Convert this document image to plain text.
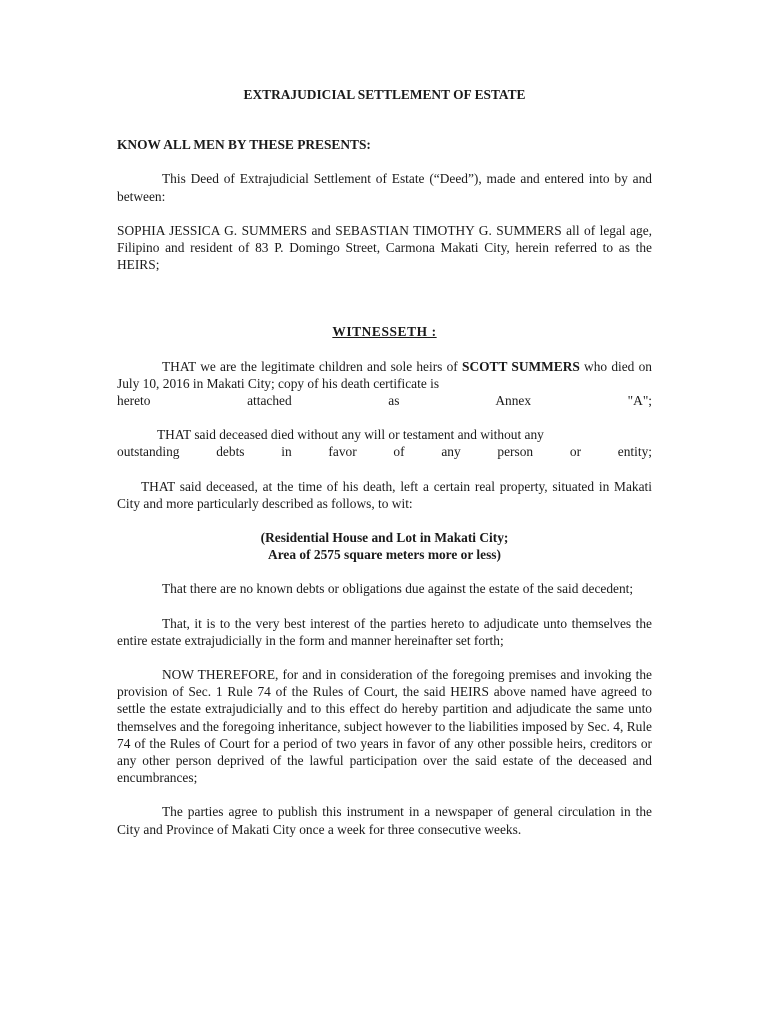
EXTRAJUDICIAL SETTLEMENT OF ESTATE
KNOW ALL MEN BY THESE PRESENTS:

This Deed of Extrajudicial Settlement of Estate (“Deed”), made and entered into by and between:

SOPHIA JESSICA G. SUMMERS and SEBASTIAN TIMOTHY G. SUMMERS all of legal age, Filipino and resident of 83 P. Domingo Street, Carmona Makati City, herein referred to as the HEIRS;

WITNESSETH :

THAT we are the legitimate children and sole heirs of SCOTT SUMMERS who died on July 10, 2016 in Makati City; copy of his death certificate is

hereto attached as Annex "A";

THAT said deceased died without any will or testament and without any

outstanding debts in favor of any person or entity;

THAT said deceased, at the time of his death, left a certain real property, situated in Makati City and more particularly described as follows, to wit:

(Residential House and Lot in Makati City;
Area of 2575 square meters more or less)

That there are no known debts or obligations due against the estate of the said decedent;

That, it is to the very best interest of the parties hereto to adjudicate unto themselves the entire estate extrajudicially in the form and manner hereinafter set forth;

NOW THEREFORE, for and in consideration of the foregoing premises and invoking the provision of Sec. 1 Rule 74 of the Rules of Court, the said HEIRS above named have agreed to settle the estate extrajudicially and to this effect do hereby partition and adjudicate the same unto themselves and the foregoing inheritance, subject however to the liabilities imposed by Sec. 4, Rule 74 of the Rules of Court for a period of two years in favor of any other possible heirs, creditors or any other person deprived of the lawful participation over the said estate of the deceased and encumbrances;

The parties agree to publish this instrument in a newspaper of general circulation in the City and Province of Makati City once a week for three consecutive weeks.
